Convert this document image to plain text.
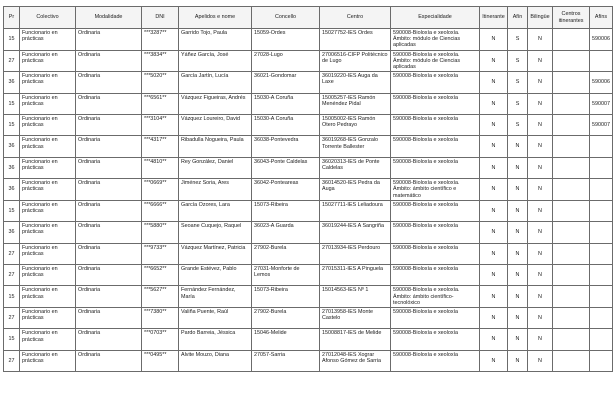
Pr	Colectivo	Modalidade	DNI	Apelidos e nome	Concello	Centro	Especialidade	Itinerante	Afín	Bilingüe	Centros itinerantes	Afíns
15	Funcionario en prácticas	Ordinaria	***3287**	Garrido Tojo, Paula	15059-Ordes	15027752-IES Ordes	590008-Bioloxía e xeoloxía. Ámbito: módulo de Ciencias aplicadas	N	S	N		590006
27	Funcionario en prácticas	Ordinaria	***3834**	Yáñez García, José	27028-Lugo	27006516-CIFP Politécnico de Lugo	590008-Bioloxía e xeoloxía. Ámbito: módulo de Ciencias aplicadas	N	S	N		
36	Funcionario en prácticas	Ordinaria	***5020**	García Jartín, Lucía	36021-Gondomar	36019220-IES Auga da Laxe	590008-Bioloxía e xeoloxía	N	S	N		590006
15	Funcionario en prácticas	Ordinaria	***6561**	Vázquez Figueiras, Andrés	15030-A Coruña	15005257-IES Ramón Menéndez Pidal	590008-Bioloxía e xeoloxía	N	S	N		590007
15	Funcionario en prácticas	Ordinaria	***3104**	Vázquez Loureiro, David	15030-A Coruña	15005002-IES Ramón Otero Pedrayo	590008-Bioloxía e xeoloxía	N	S	N		590007
36	Funcionario en prácticas	Ordinaria	***4317**	Ribadulla Nogueira, Paula	36038-Pontevedra	36019268-IES Gonzalo Torrente Ballester	590008-Bioloxía e xeoloxía	N	N	N		
36	Funcionario en prácticas	Ordinaria	***4810**	Rey González, Daniel	36043-Ponte Caldelas	36020313-IES de Ponte Caldelas	590008-Bioloxía e xeoloxía	N	N	N		
36	Funcionario en prácticas	Ordinaria	***0669**	Jiménez Soria, Ares	36042-Ponteareas	36014520-IES Pedra da Auga	590008-Bioloxía e xeoloxía. Ámbito: ámbito científico e matemático	N	N	N		
15	Funcionario en prácticas	Ordinaria	***6666**	García Ozores, Lara	15073-Ribeira	15027711-IES Leliadoura	590008-Bioloxía e xeoloxía	N	N	N		
36	Funcionario en prácticas	Ordinaria	***5880**	Seoane Cuquejo, Raquel	36023-A Guarda	36019244-IES A Sangriña	590008-Bioloxía e xeoloxía	N	N	N		
27	Funcionario en prácticas	Ordinaria	***9733**	Vázquez Martínez, Patricia	27902-Burela	27013934-IES Perdouro	590008-Bioloxía e xeoloxía	N	N	N		
27	Funcionario en prácticas	Ordinaria	***6652**	Grande Estévez, Pablo	27031-Monforte de Lemos	27015311-IES A Pinguela	590008-Bioloxía e xeoloxía	N	N	N		
15	Funcionario en prácticas	Ordinaria	***5627**	Fernández Fernández, María	15073-Ribeira	15014563-IES Nº 1	590008-Bioloxía e xeoloxía. Ámbito: ámbito científico-tecnolóxico	N	N	N		
27	Funcionario en prácticas	Ordinaria	***7380**	Valiña Puente, Raúl	27902-Burela	27013958-IES Monte Castelo	590008-Bioloxía e xeoloxía	N	N	N		
15	Funcionario en prácticas	Ordinaria	***0703**	Pardo Barreia, Jéssica	15046-Melide	15008817-IES de Melide	590008-Bioloxía e xeoloxía	N	N	N		
27	Funcionario en prácticas	Ordinaria	***0495**	Alvite Mouzo, Diana	27057-Sarria	27012048-IES Xograr Afonso Gómez de Sarria	590008-Bioloxía e xeoloxía	N	N	N		
